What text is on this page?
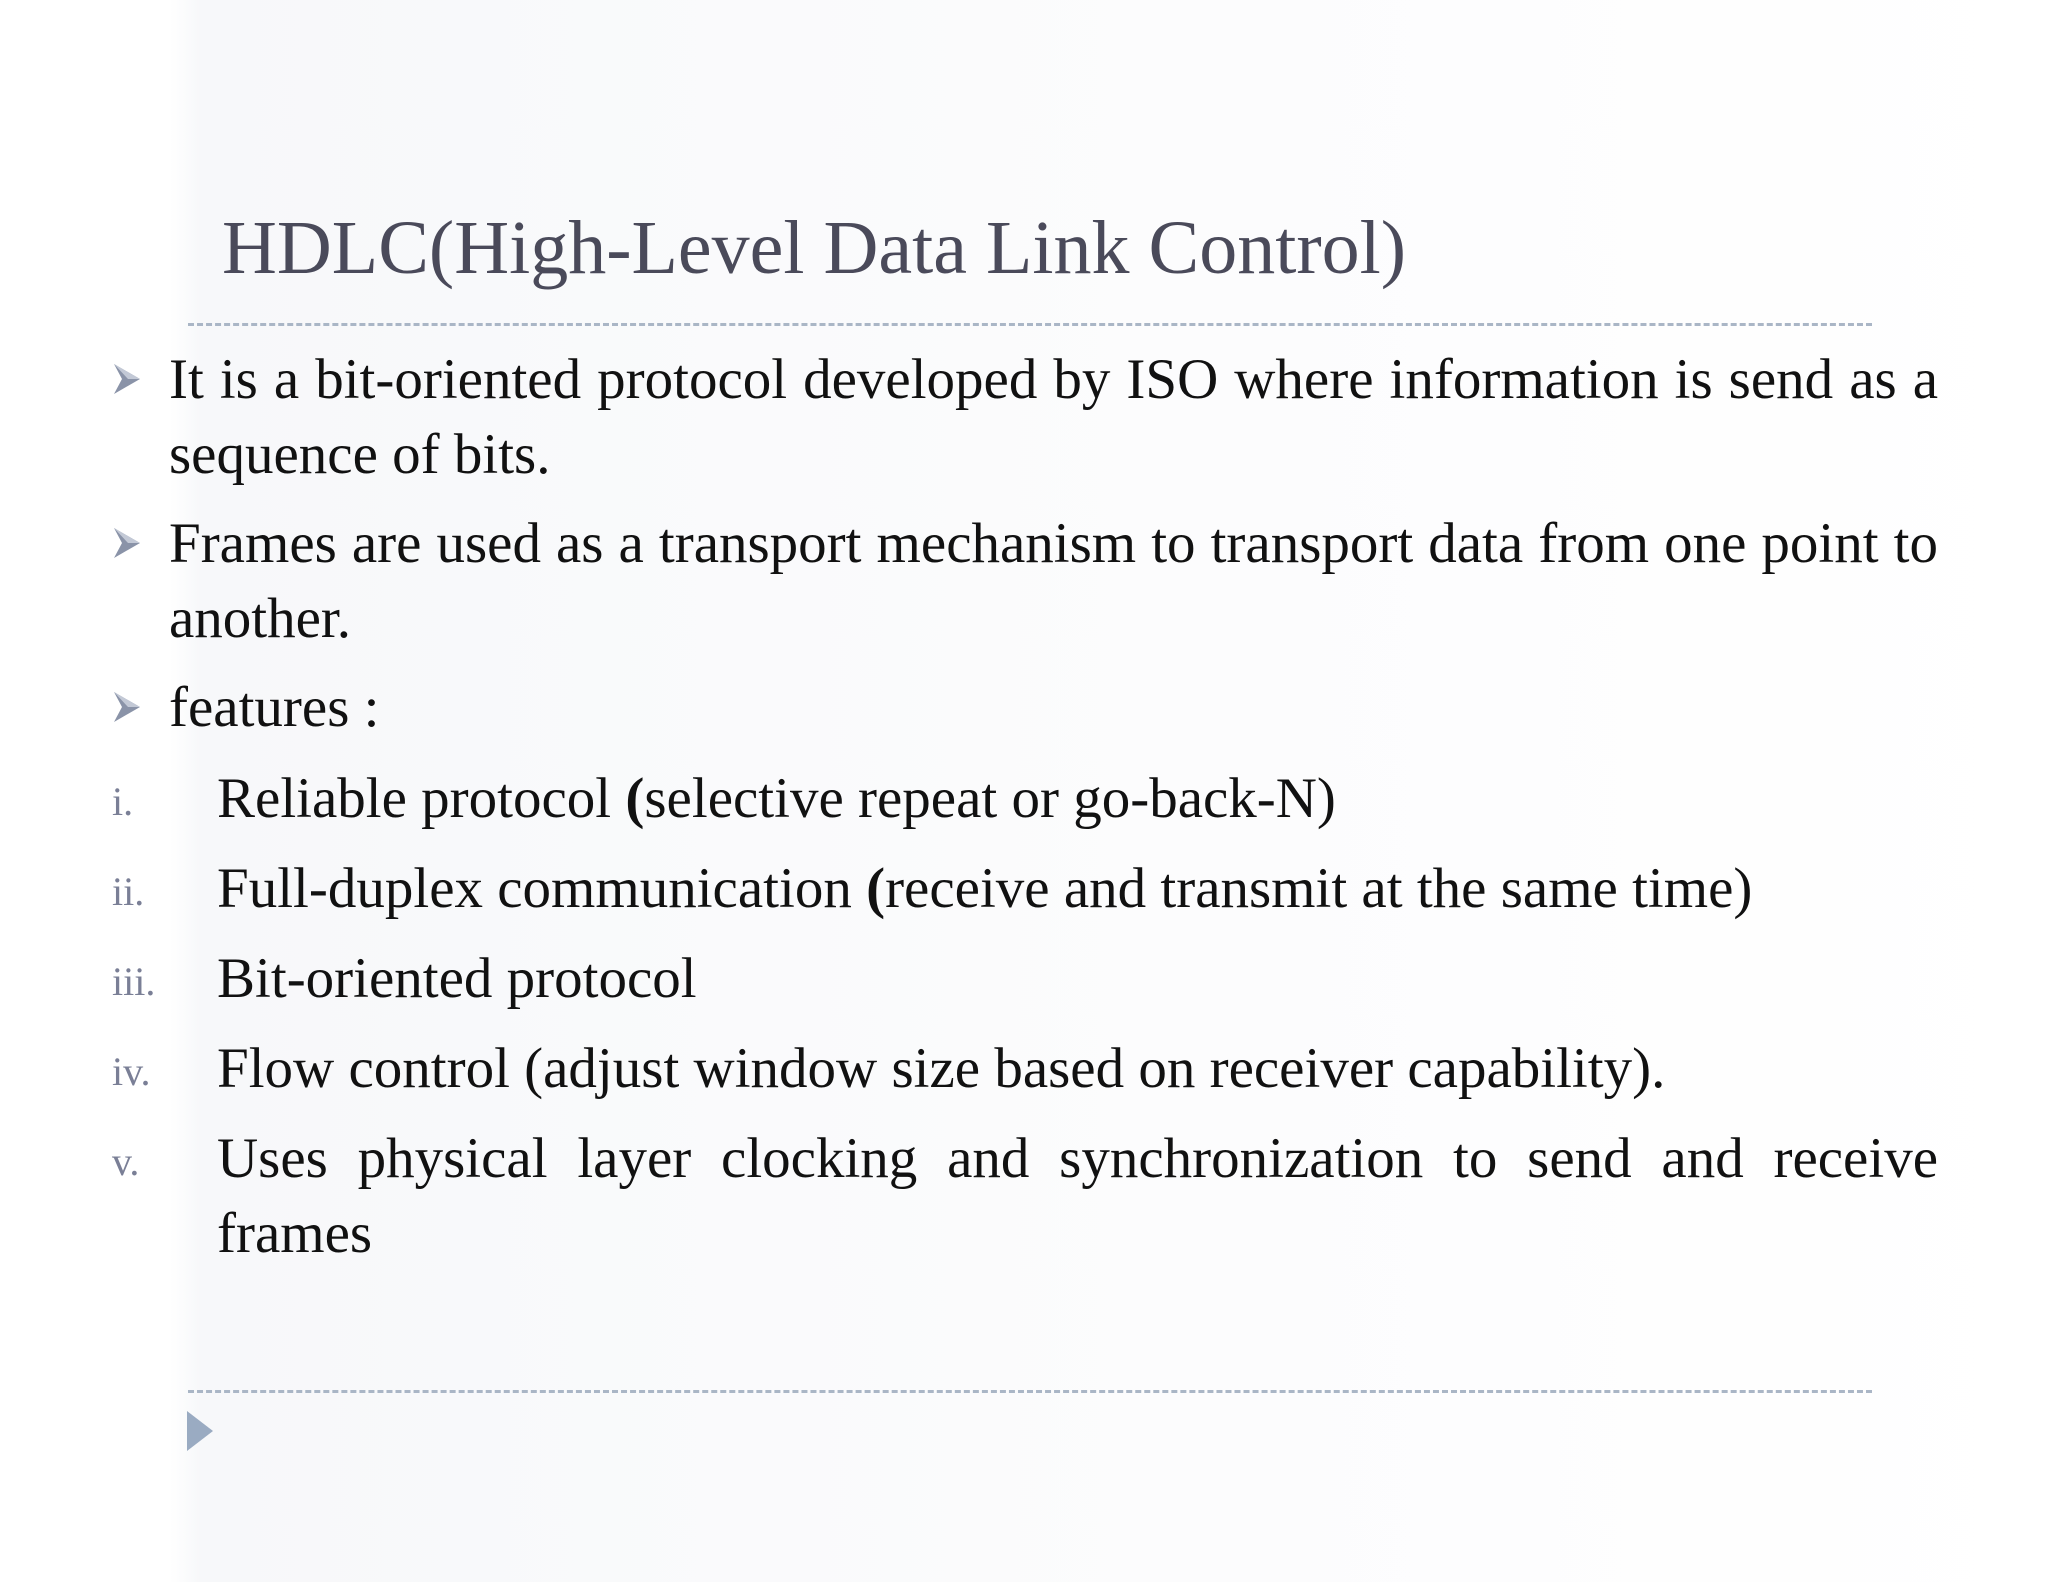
HDLC(High-Level Data Link Control)
It is a bit-oriented protocol developed by ISO where information is send as a sequence of bits.
Frames are used as a transport mechanism to transport data from one point to another.
features :
i. Reliable protocol (selective repeat or go-back-N)
ii. Full-duplex communication (receive and transmit at the same time)
iii. Bit-oriented protocol
iv. Flow control (adjust window size based on receiver capability).
v. Uses physical layer clocking and synchronization to send and receive frames
